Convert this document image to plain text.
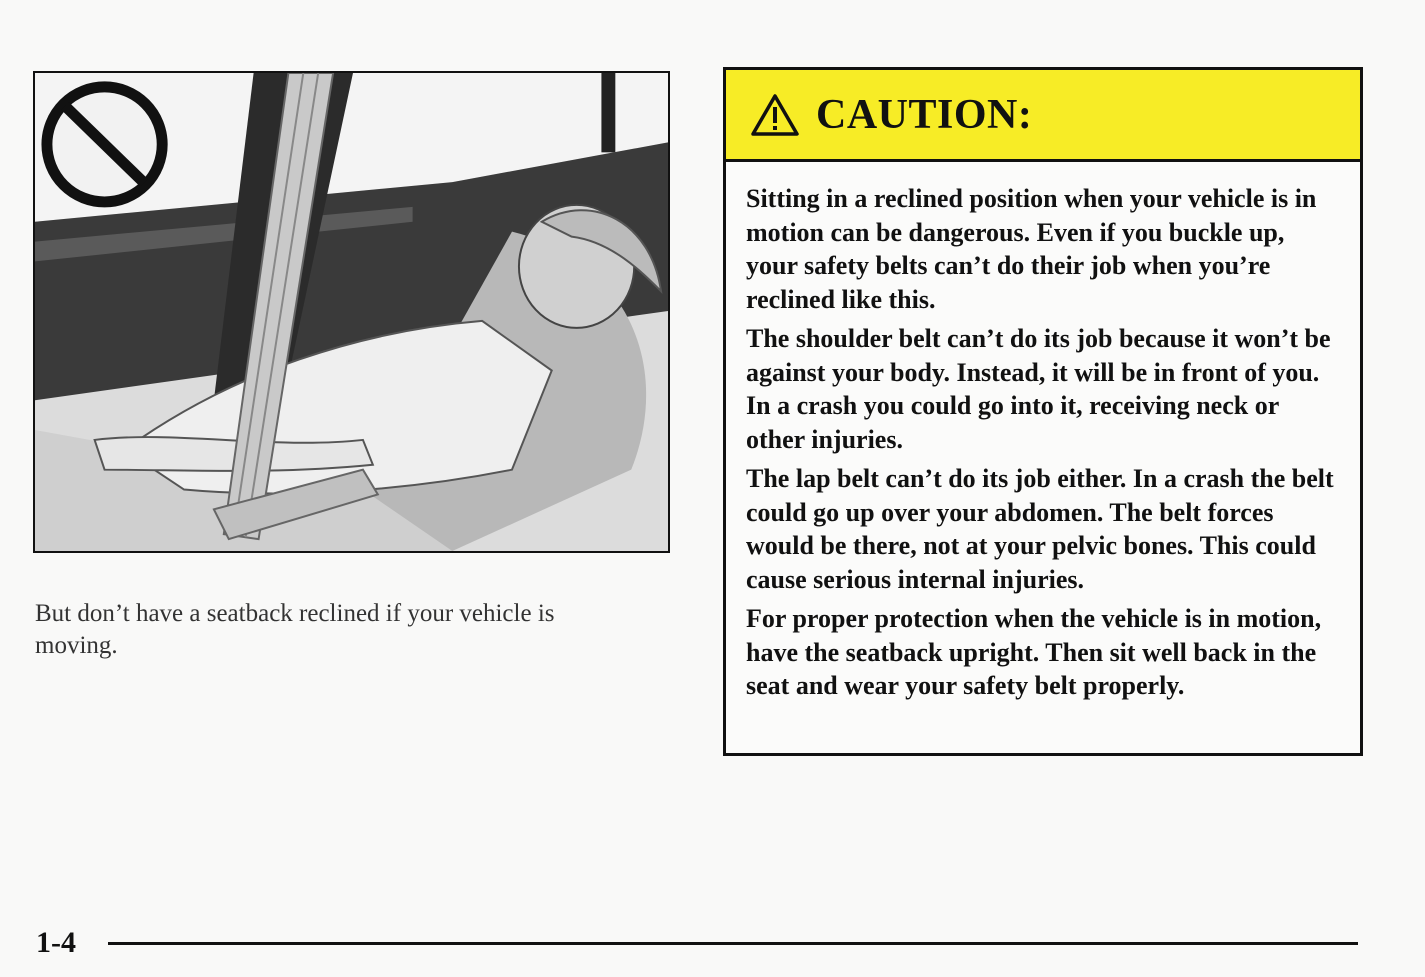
But don’t have a seatback reclined if your vehicle is moving.
CAUTION:

Sitting in a reclined position when your vehicle is in motion can be dangerous. Even if you buckle up, your safety belts can’t do their job when you’re reclined like this.

The shoulder belt can’t do its job because it won’t be against your body. Instead, it will be in front of you. In a crash you could go into it, receiving neck or other injuries.

The lap belt can’t do its job either. In a crash the belt could go up over your abdomen. The belt forces would be there, not at your pelvic bones. This could cause serious internal injuries.

For proper protection when the vehicle is in motion, have the seatback upright. Then sit well back in the seat and wear your safety belt properly.

1-4
